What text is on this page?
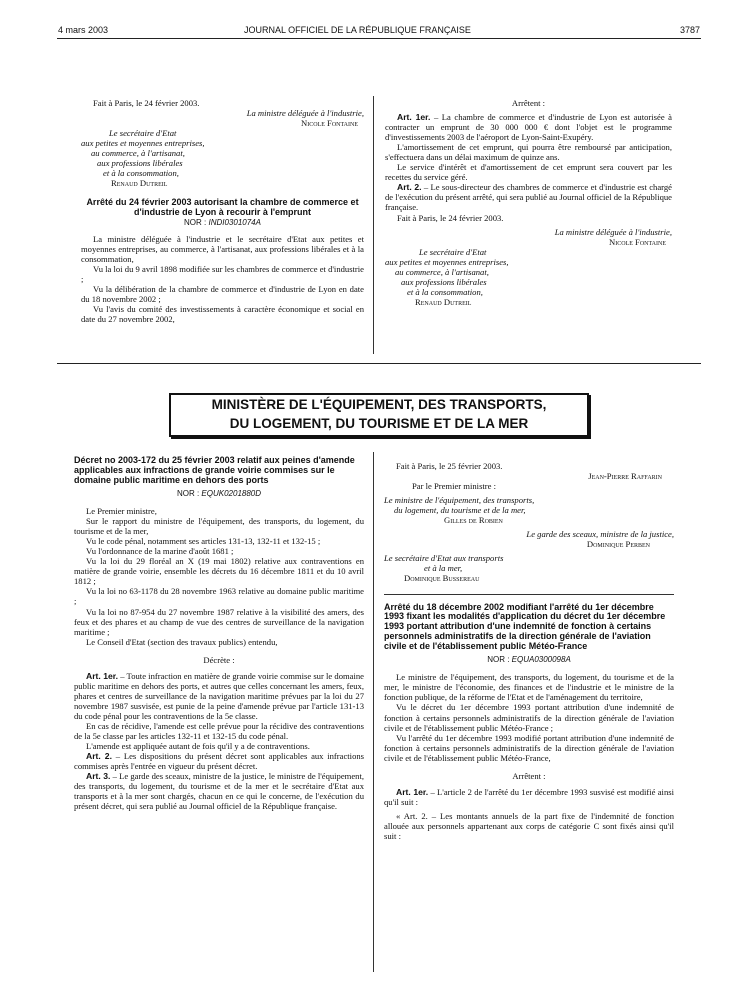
4 mars 2003	JOURNAL OFFICIEL DE LA RÉPUBLIQUE FRANÇAISE	3787

Fait à Paris, le 24 février 2003.

La ministre déléguée à l'industrie,

Nicole Fontaine

Le secrétaire d'Etat
aux petites et moyennes entreprises,
au commerce, à l'artisanat,
aux professions libérales
et à la consommation,
Renaud Dutreil

Arrêté du 24 février 2003 autorisant la chambre de commerce et d'industrie de Lyon à recourir à l'emprunt

NOR : INDI0301074A

La ministre déléguée à l'industrie et le secrétaire d'Etat aux petites et moyennes entreprises, au commerce, à l'artisanat, aux professions libérales et à la consommation,

Vu la loi du 9 avril 1898 modifiée sur les chambres de commerce et d'industrie ;

Vu la délibération de la chambre de commerce et d'industrie de Lyon en date du 18 novembre 2002 ;

Vu l'avis du comité des investissements à caractère économique et social en date du 27 novembre 2002,

Arrêtent :

Art. 1er. – La chambre de commerce et d'industrie de Lyon est autorisée à contracter un emprunt de 30 000 000 € dont l'objet est le programme d'investissements 2003 de l'aéroport de Lyon-Saint-Exupéry.

L'amortissement de cet emprunt, qui pourra être remboursé par anticipation, s'effectuera dans un délai maximum de quinze ans.

Le service d'intérêt et d'amortissement de cet emprunt sera couvert par les recettes du service géré.

Art. 2. – Le sous-directeur des chambres de commerce et d'industrie est chargé de l'exécution du présent arrêté, qui sera publié au Journal officiel de la République française.

Fait à Paris, le 24 février 2003.

La ministre déléguée à l'industrie,

Nicole Fontaine

Le secrétaire d'Etat
aux petites et moyennes entreprises,
au commerce, à l'artisanat,
aux professions libérales
et à la consommation,
Renaud Dutreil
MINISTÈRE DE L'ÉQUIPEMENT, DES TRANSPORTS,
DU LOGEMENT, DU TOURISME ET DE LA MER

Décret no 2003-172 du 25 février 2003 relatif aux peines d'amende applicables aux infractions de grande voirie commises sur le domaine public maritime en dehors des ports

NOR : EQUK0201880D

Le Premier ministre,

Sur le rapport du ministre de l'équipement, des transports, du logement, du tourisme et de la mer,

Vu le code pénal, notamment ses articles 131-13, 132-11 et 132-15 ;

Vu l'ordonnance de la marine d'août 1681 ;

Vu la loi du 29 floréal an X (19 mai 1802) relative aux contraventions en matière de grande voirie, ensemble les décrets du 16 décembre 1811 et du 10 avril 1812 ;

Vu la loi no 63-1178 du 28 novembre 1963 relative au domaine public maritime ;

Vu la loi no 87-954 du 27 novembre 1987 relative à la visibilité des amers, des feux et des phares et au champ de vue des centres de surveillance de la navigation maritime ;

Le Conseil d'Etat (section des travaux publics) entendu,

Décrète :

Art. 1er. – Toute infraction en matière de grande voirie commise sur le domaine public maritime en dehors des ports, et autres que celles concernant les amers, feux, phares et centres de surveillance de la navigation maritime prévues par la loi du 27 novembre 1987 susvisée, est punie de la peine d'amende prévue par l'article 131-13 du code pénal pour les contraventions de la 5e classe.

En cas de récidive, l'amende est celle prévue pour la récidive des contraventions de la 5e classe par les articles 132-11 et 132-15 du code pénal.

L'amende est appliquée autant de fois qu'il y a de contraventions.

Art. 2. – Les dispositions du présent décret sont applicables aux infractions commises après l'entrée en vigueur du présent décret.

Art. 3. – Le garde des sceaux, ministre de la justice, le ministre de l'équipement, des transports, du logement, du tourisme et de la mer et le secrétaire d'Etat aux transports et à la mer sont chargés, chacun en ce qui le concerne, de l'exécution du présent décret, qui sera publié au Journal officiel de la République française.

Fait à Paris, le 25 février 2003.

Jean-Pierre Raffarin

Par le Premier ministre :

Le ministre de l'équipement, des transports,
du logement, du tourisme et de la mer,
Gilles de Robien

Le garde des sceaux, ministre de la justice,

Dominique Perben

Le secrétaire d'Etat aux transports
et à la mer,
Dominique Bussereau

Arrêté du 18 décembre 2002 modifiant l'arrêté du 1er décembre 1993 fixant les modalités d'application du décret du 1er décembre 1993 portant attribution d'une indemnité de fonction à certains personnels administratifs de la direction générale de l'aviation civile et de l'établissement public Météo-France

NOR : EQUA0300098A

Le ministre de l'équipement, des transports, du logement, du tourisme et de la mer, le ministre de l'économie, des finances et de l'industrie et le ministre de la fonction publique, de la réforme de l'Etat et de l'aménagement du territoire,

Vu le décret du 1er décembre 1993 portant attribution d'une indemnité de fonction à certains personnels administratifs de la direction générale de l'aviation civile et de l'établissement public Météo-France ;

Vu l'arrêté du 1er décembre 1993 modifié portant attribution d'une indemnité de fonction à certains personnels administratifs de la direction générale de l'aviation civile et de l'établissement public Météo-France,

Arrêtent :

Art. 1er. – L'article 2 de l'arrêté du 1er décembre 1993 susvisé est modifié ainsi qu'il suit :

« Art. 2. – Les montants annuels de la part fixe de l'indemnité de fonction allouée aux personnels appartenant aux corps de catégorie C sont fixés ainsi qu'il suit :
